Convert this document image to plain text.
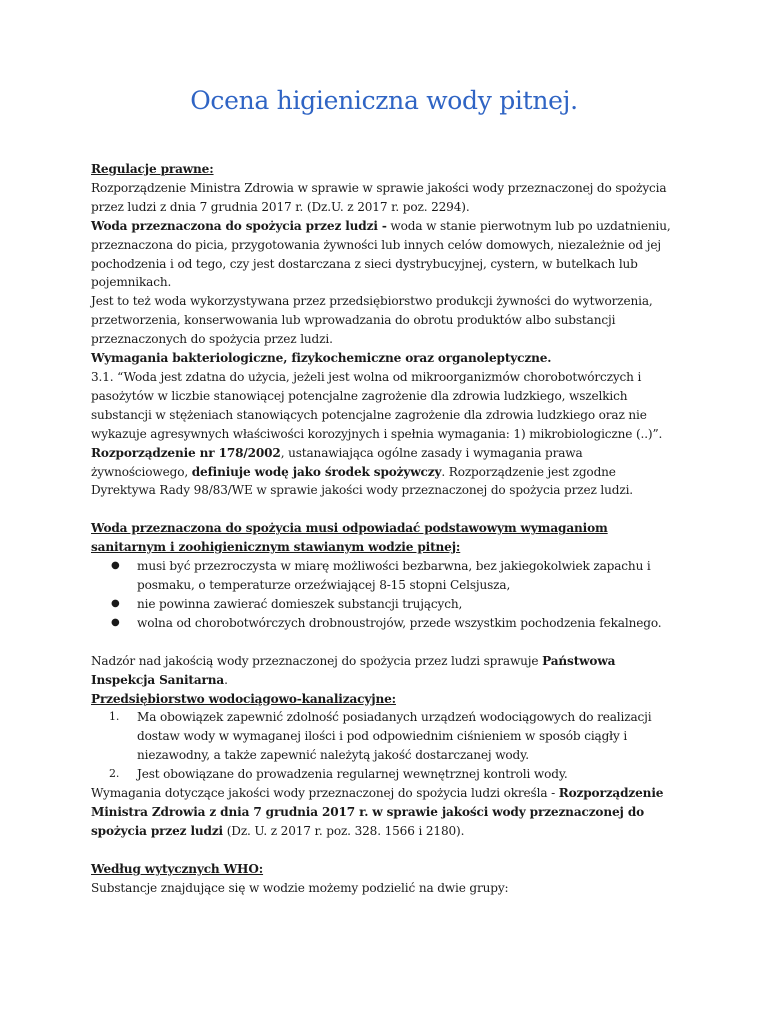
Ocena higieniczna wody pitnej.

Regulacje prawne:

Rozporządzenie Ministra Zdrowia w sprawie w sprawie jakości wody przeznaczonej do spożycia przez ludzi z dnia 7 grudnia 2017 r. (Dz.U. z 2017 r. poz. 2294).

Woda przeznaczona do spożycia przez ludzi - woda w stanie pierwotnym lub po uzdatnieniu, przeznaczona do picia, przygotowania żywności lub innych celów domowych, niezależnie od jej pochodzenia i od tego, czy jest dostarczana z sieci dystrybucyjnej, cystern, w butelkach lub pojemnikach.

Jest to też woda wykorzystywana przez przedsiębiorstwo produkcji żywności do wytworzenia, przetworzenia, konserwowania lub wprowadzania do obrotu produktów albo substancji przeznaczonych do spożycia przez ludzi.

Wymagania bakteriologiczne, fizykochemiczne oraz organoleptyczne.

3.1. “Woda jest zdatna do użycia, jeżeli jest wolna od mikroorganizmów chorobotwórczych i pasożytów w liczbie stanowiącej potencjalne zagrożenie dla zdrowia ludzkiego, wszelkich substancji w stężeniach stanowiących potencjalne zagrożenie dla zdrowia ludzkiego oraz nie wykazuje agresywnych właściwości korozyjnych i spełnia wymagania: 1) mikrobiologiczne (..)”.

Rozporządzenie nr 178/2002, ustanawiająca ogólne zasady i wymagania prawa żywnościowego, definiuje wodę jako środek spożywczy. Rozporządzenie jest zgodne Dyrektywa Rady 98/83/WE w sprawie jakości wody przeznaczonej do spożycia przez ludzi.

Woda przeznaczona do spożycia musi odpowiadać podstawowym wymaganiom sanitarnym i zoohigienicznym stawianym wodzie pitnej:

● musi być przezroczysta w miarę możliwości bezbarwna, bez jakiegokolwiek zapachu i posmaku, o temperaturze orzeźwiającej 8-15 stopni Celsjusza,
● nie powinna zawierać domieszek substancji trujących,
● wolna od chorobotwórczych drobnoustrojów, przede wszystkim pochodzenia fekalnego.

Nadzór nad jakością wody przeznaczonej do spożycia przez ludzi sprawuje Państwowa Inspekcja Sanitarna.

Przedsiębiorstwo wodociągowo-kanalizacyjne:

1. Ma obowiązek zapewnić zdolność posiadanych urządzeń wodociągowych do realizacji dostaw wody w wymaganej ilości i pod odpowiednim ciśnieniem w sposób ciągły i niezawodny, a także zapewnić należytą jakość dostarczanej wody.
2. Jest obowiązane do prowadzenia regularnej wewnętrznej kontroli wody.

Wymagania dotyczące jakości wody przeznaczonej do spożycia ludzi określa - Rozporządzenie Ministra Zdrowia z dnia 7 grudnia 2017 r. w sprawie jakości wody przeznaczonej do spożycia przez ludzi (Dz. U. z 2017 r. poz. 328. 1566 i 2180).

Według wytycznych WHO:

Substancje znajdujące się w wodzie możemy podzielić na dwie grupy:
